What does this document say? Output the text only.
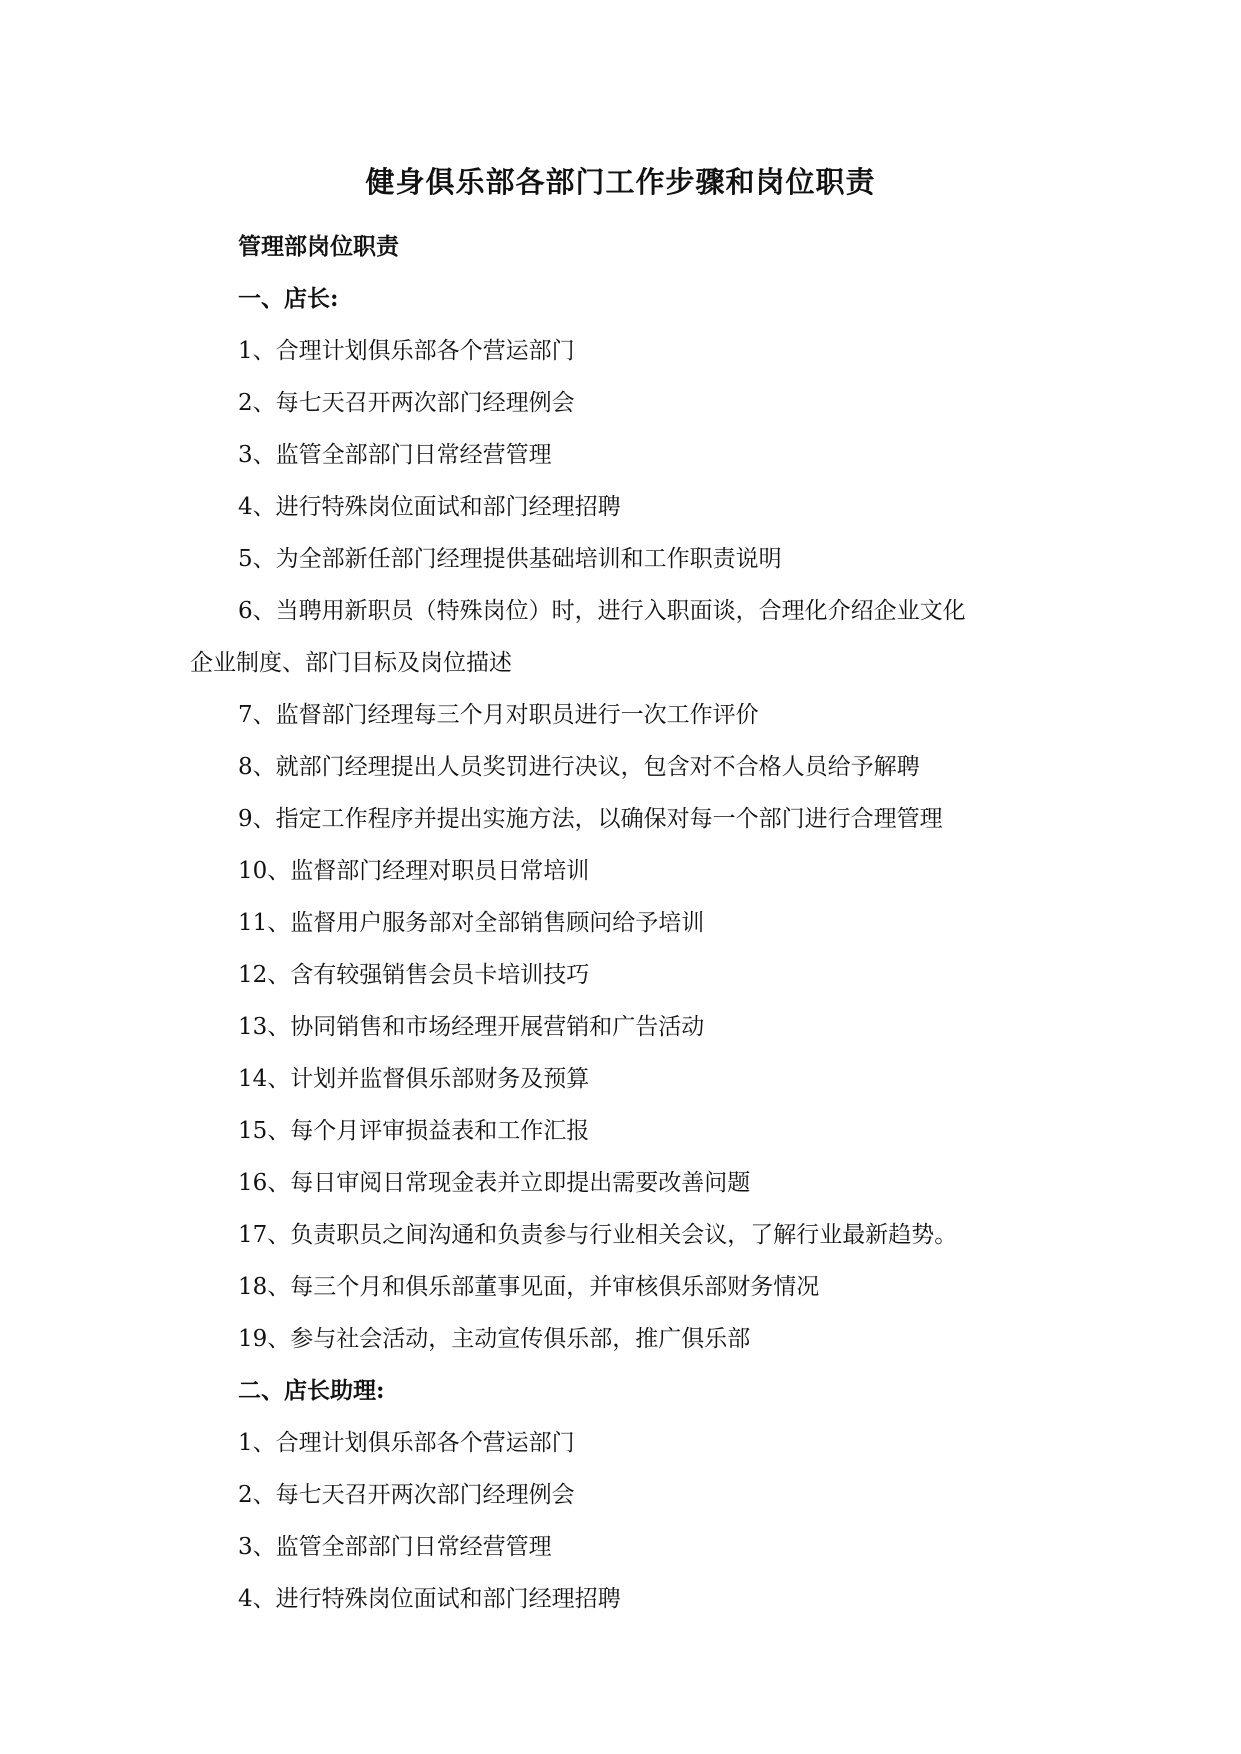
健身俱乐部各部门工作步骤和岗位职责

管理部岗位职责

一、店长:

1、合理计划俱乐部各个营运部门

2、每七天召开两次部门经理例会

3、监管全部部门日常经营管理

4、进行特殊岗位面试和部门经理招聘

5、为全部新任部门经理提供基础培训和工作职责说明

6、当聘用新职员（特殊岗位）时，进行入职面谈，合理化介绍企业文化

企业制度、部门目标及岗位描述

7、监督部门经理每三个月对职员进行一次工作评价

8、就部门经理提出人员奖罚进行决议，包含对不合格人员给予解聘

9、指定工作程序并提出实施方法，以确保对每一个部门进行合理管理

10、监督部门经理对职员日常培训

11、监督用户服务部对全部销售顾问给予培训

12、含有较强销售会员卡培训技巧

13、协同销售和市场经理开展营销和广告活动

14、计划并监督俱乐部财务及预算

15、每个月评审损益表和工作汇报

16、每日审阅日常现金表并立即提出需要改善问题

17、负责职员之间沟通和负责参与行业相关会议，了解行业最新趋势。

18、每三个月和俱乐部董事见面，并审核俱乐部财务情况

19、参与社会活动，主动宣传俱乐部，推广俱乐部

二、店长助理:

1、合理计划俱乐部各个营运部门

2、每七天召开两次部门经理例会

3、监管全部部门日常经营管理

4、进行特殊岗位面试和部门经理招聘
